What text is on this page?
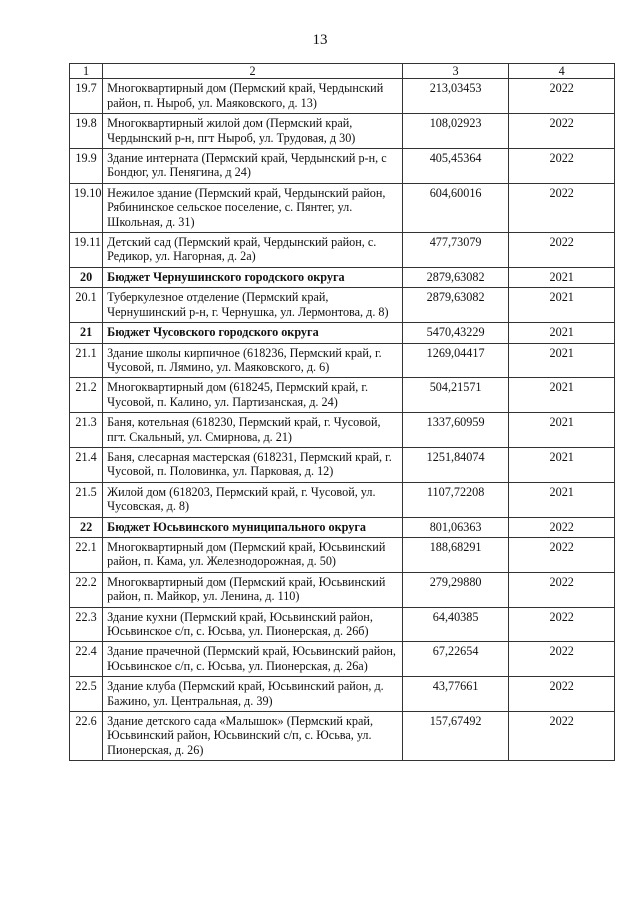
13
1	2	3	4
19.7	Многоквартирный дом (Пермский край, Чердынский район, п. Ныроб, ул. Маяковского, д. 13)	213,03453	2022
19.8	Многоквартирный жилой дом (Пермский край, Чердынский р-н, пгт Ныроб, ул. Трудовая, д 30)	108,02923	2022
19.9	Здание интерната (Пермский край, Чердынский р-н, с Бондюг, ул. Пенягина, д 24)	405,45364	2022
19.10	Нежилое здание (Пермский край, Чердынский район, Рябининское сельское поселение, с. Пянтег, ул. Школьная, д. 31)	604,60016	2022
19.11	Детский сад (Пермский край, Чердынский район, с. Редикор, ул. Нагорная, д. 2а)	477,73079	2022
20	Бюджет Чернушинского городского округа	2879,63082	2021
20.1	Туберкулезное отделение (Пермский край, Чернушинский р-н, г. Чернушка, ул. Лермонтова, д. 8)	2879,63082	2021
21	Бюджет Чусовского городского округа	5470,43229	2021
21.1	Здание школы кирпичное (618236, Пермский край, г. Чусовой, п. Лямино, ул. Маяковского, д. 6)	1269,04417	2021
21.2	Многоквартирный дом (618245, Пермский край, г. Чусовой, п. Калино, ул. Партизанская, д. 24)	504,21571	2021
21.3	Баня, котельная (618230, Пермский край, г. Чусовой, пгт. Скальный, ул. Смирнова, д. 21)	1337,60959	2021
21.4	Баня, слесарная мастерская (618231, Пермский край, г. Чусовой, п. Половинка, ул. Парковая, д. 12)	1251,84074	2021
21.5	Жилой дом (618203, Пермский край, г. Чусовой, ул. Чусовская, д. 8)	1107,72208	2021
22	Бюджет Юсьвинского муниципального округа	801,06363	2022
22.1	Многоквартирный дом (Пермский край, Юсьвинский район, п. Кама, ул. Железнодорожная, д. 50)	188,68291	2022
22.2	Многоквартирный дом (Пермский край, Юсьвинский район, п. Майкор, ул. Ленина, д. 110)	279,29880	2022
22.3	Здание кухни (Пермский край, Юсьвинский район, Юсьвинское с/п, с. Юсьва, ул. Пионерская, д. 26б)	64,40385	2022
22.4	Здание прачечной (Пермский край, Юсьвинский район, Юсьвинское с/п, с. Юсьва, ул. Пионерская, д. 26а)	67,22654	2022
22.5	Здание клуба (Пермский край, Юсьвинский район, д. Бажино, ул. Центральная, д. 39)	43,77661	2022
22.6	Здание детского сада «Малышок» (Пермский край, Юсьвинский район, Юсьвинский с/п, с. Юсьва, ул. Пионерская, д. 26)	157,67492	2022
